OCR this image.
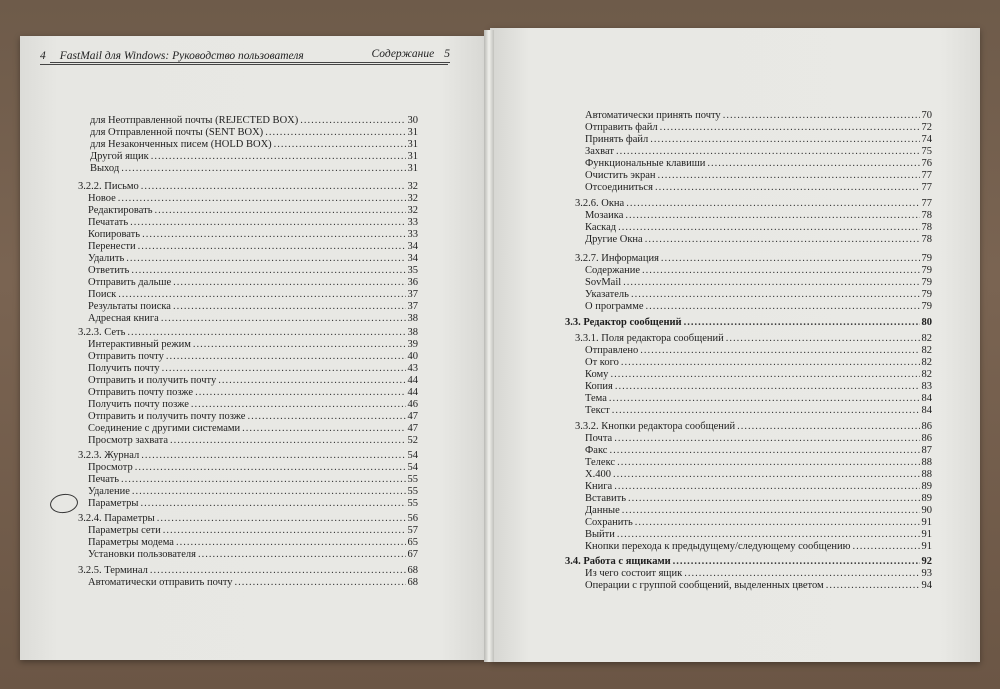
4 FastMail для Windows: Руководство пользователя	Содержание 5
для Неотправленной почты (REJECTED BOX) .....	30
для Отправленной почты (SENT BOX) .....	31
для Незаконченных писем (HOLD BOX) .....	31
Другой ящик .....	31
Выход .....	31
3.2.2. Письмо .....	32
Новое .....	32
Редактировать .....	32
Печатать .....	33
Копировать .....	33
Перенести .....	34
Удалить .....	34
Ответить .....	35
Отправить дальше .....	36
Поиск .....	37
Результаты поиска .....	37
Адресная книга .....	38
3.2.3. Сеть .....	38
Интерактивный режим .....	39
Отправить почту .....	40
Получить почту .....	43
Отправить и получить почту .....	44
Отправить почту позже .....	44
Получить почту позже .....	46
Отправить и получить почту позже .....	47
Соединение с другими системами .....	47
Просмотр захвата .....	52
3.2.3. Журнал .....	54
Просмотр .....	54
Печать .....	55
Удаление .....	55
Параметры .....	55
3.2.4. Параметры .....	56
Параметры сети .....	57
Параметры модема .....	65
Установки пользователя .....	67
3.2.5. Терминал .....	68
Автоматически отправить почту .....	68
Автоматически принять почту .....	70
Отправить файл .....	72
Принять файл .....	74
Захват .....	75
Функциональные клавиши .....	76
Очистить экран .....	77
Отсоединиться .....	77
3.2.6. Окна .....	77
Мозаика .....	78
Каскад .....	78
Другие Окна .....	78
3.2.7. Информация .....	79
Содержание .....	79
SovMail .....	79
Указатель .....	79
О программе .....	79
3.3. Редактор сообщений .....	80
3.3.1. Поля редактора сообщений .....	82
Отправлено .....	82
От кого .....	82
Кому .....	82
Копия .....	83
Тема .....	84
Текст .....	84
3.3.2. Кнопки редактора сообщений .....	86
Почта .....	86
Факс .....	87
Телекс .....	88
X.400 .....	88
Книга .....	89
Вставить .....	89
Данные .....	90
Сохранить .....	91
Выйти .....	91
Кнопки перехода к предыдущему/следующему сообщению .....	91
3.4. Работа с ящиками .....	92
Из чего состоит ящик .....	93
Операции с группой сообщений, выделенных цветом .....	94
